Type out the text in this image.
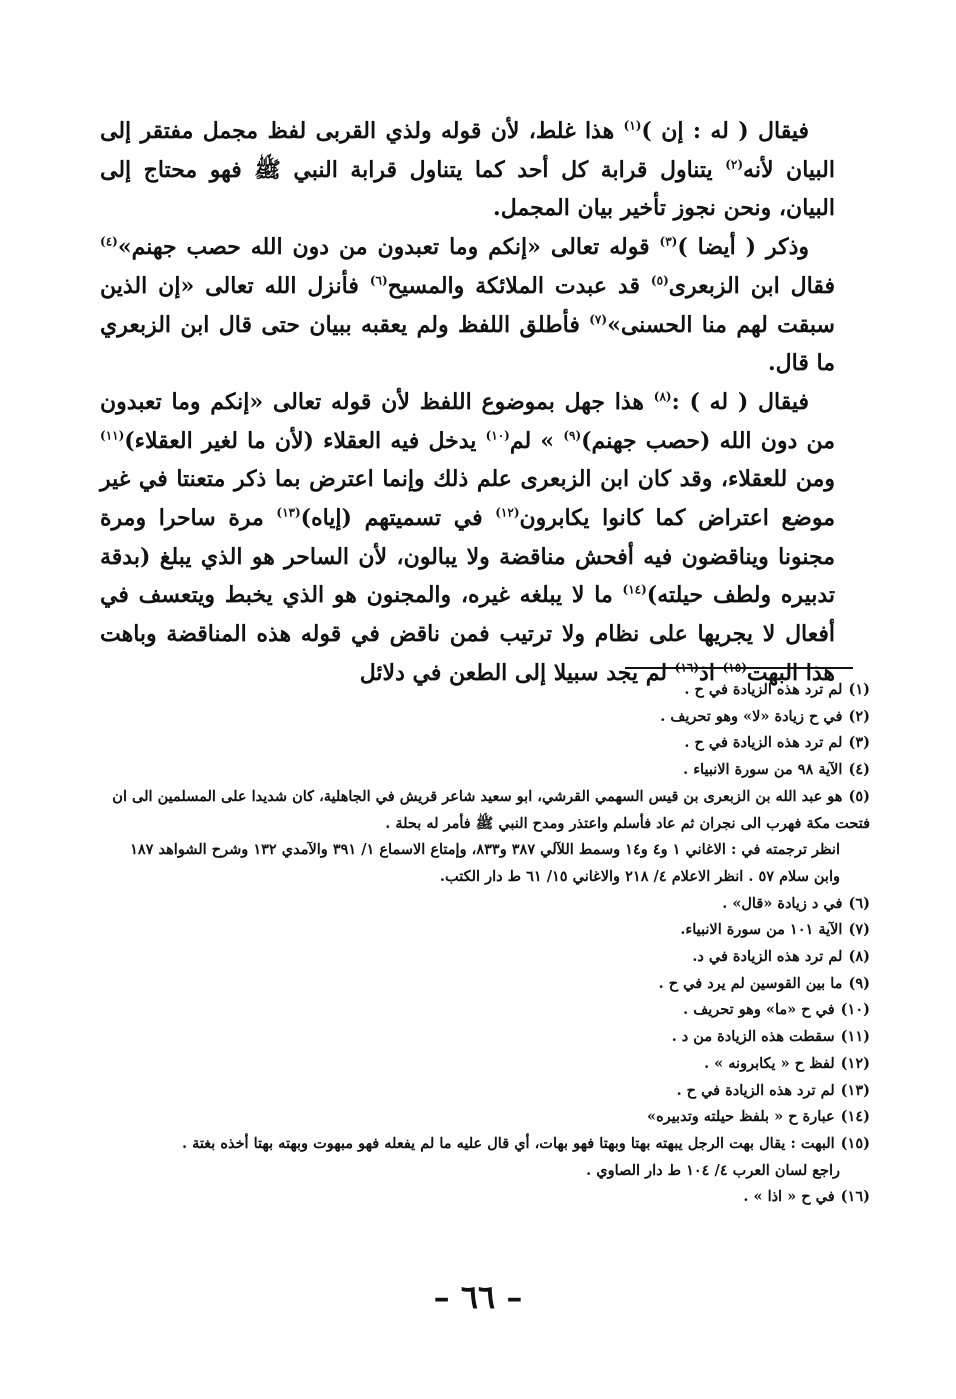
فيقال ( له : إن )$^{(١)}$ هذا غلط، لأن قوله ولذي القربى لفظ مجمل مفتقر إلى البيان لأنه$^{(٢)}$ يتناول قرابة كل أحد كما يتناول قرابة النبي ﷺ فهو محتاج إلى البيان، ونحن نجوز تأخير بيان المجمل.

وذكر ( أيضا )$^{(٣)}$ قوله تعالى «إنكم وما تعبدون من دون الله حصب جهنم»$^{(٤)}$ فقال ابن الزبعرى$^{(٥)}$ قد عبدت الملائكة والمسيح$^{(٦)}$ فأنزل الله تعالى «إن الذين سبقت لهم منا الحسنى»$^{(٧)}$ فأطلق اللفظ ولم يعقبه ببيان حتى قال ابن الزبعري ما قال.

فيقال ( له ) :$^{(٨)}$ هذا جهل بموضوع اللفظ لأن قوله تعالى «إنكم وما تعبدون من دون الله (حصب جهنم)$^{(٩)}$ » لم$^{(١٠)}$ يدخل فيه العقلاء (لأن ما لغير العقلاء)$^{(١١)}$ ومن للعقلاء، وقد كان ابن الزبعرى علم ذلك وإنما اعترض بما ذكر متعنتا في غير موضع اعتراض كما كانوا يكابرون$^{(١٢)}$ في تسميتهم (إياه)$^{(١٣)}$ مرة ساحرا ومرة مجنونا ويناقضون فيه أفحش مناقضة ولا يبالون، لأن الساحر هو الذي يبلغ (بدقة تدبيره ولطف حيلته)$^{(١٤)}$ ما لا يبلغه غيره، والمجنون هو الذي يخبط ويتعسف في أفعال لا يجريها على نظام ولا ترتيب فمن ناقض في قوله هذه المناقضة وباهت هذا البهت$^{(١٥)}$ اذ$^{(١٦)}$ لم يجد سبيلا إلى الطعن في دلائل

(١)لم ترد هذه الزيادة في ح .
(٢)في ح زيادة «لا» وهو تحريف .
(٣)لم ترد هذه الزيادة في ح .
(٤)الآية ٩٨ من سورة الانبياء .
(٥)هو عبد الله بن الزبعرى بن قيس السهمي القرشي، ابو سعيد شاعر قريش في الجاهلية، كان شديدا على المسلمين الى ان فتحت مكة فهرب الى نجران ثم عاد فأسلم واعتذر ومدح النبي ﷺ فأمر له بحلة .
انظر ترجمته في : الاغاني ١ و٤ و١٤ وسمط اللآلي ٣٨٧ و٨٣٣، وإمتاع الاسماع ١/ ٣٩١ والآمدي ١٣٢ وشرح الشواهد ١٨٧ وابن سلام ٥٧ . انظر الاعلام ٤/ ٢١٨ والاغاني ١٥/ ٦١ ط دار الكتب.
(٦)في د زيادة «قال» .
(٧)الآية ١٠١ من سورة الانبياء.
(٨)لم ترد هذه الزيادة في د.
(٩)ما بين القوسين لم يرد في ح .
(١٠)في ح «ما» وهو تحريف .
(١١)سقطت هذه الزيادة من د .
(١٢)لفظ ح « يكابرونه » .
(١٣)لم ترد هذه الزيادة في ح .
(١٤)عبارة ح « بلفظ حيلته وتدبيره»
(١٥)البهت : يقال بهت الرجل يبهته بهتا وبهتا فهو بهات، أي قال عليه ما لم يفعله فهو مبهوت وبهته بهتا أخذه بغتة .
راجع لسان العرب ٤/ ١٠٤ ط دار الصاوي .
(١٦)في ح « اذا » .
– ٦٦ –
